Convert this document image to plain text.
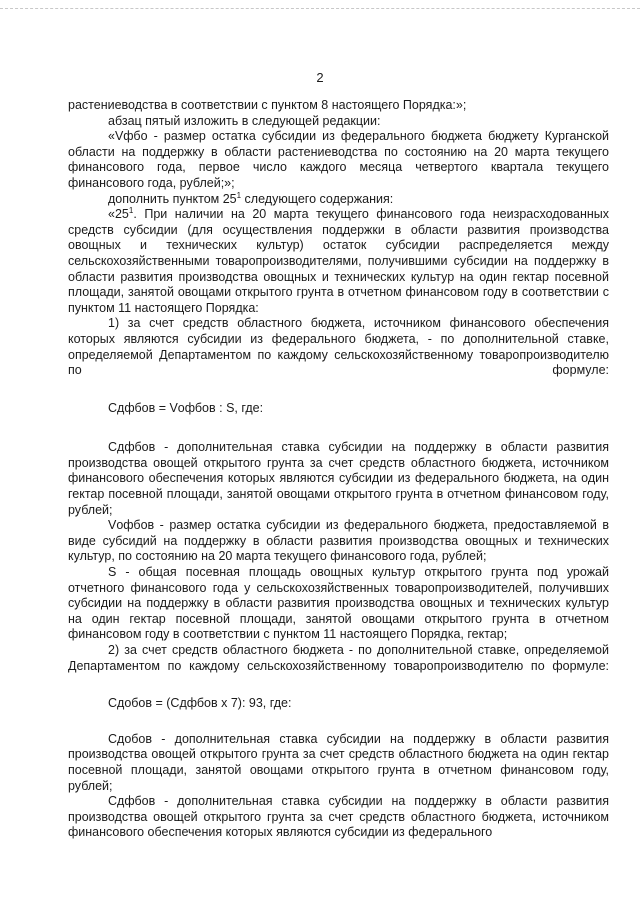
2

растениеводства в соответствии с пунктом 8 настоящего Порядка:»;

абзац пятый изложить в следующей редакции:

«Vфбо - размер остатка субсидии из федерального бюджета бюджету Курганской области на поддержку в области растениеводства по состоянию на 20 марта текущего финансового года, первое число каждого месяца четвертого квартала текущего финансового года, рублей;»;

дополнить пунктом $25^1$ следующего содержания:

«$25^1$. При наличии на 20 марта текущего финансового года неизрасходованных средств субсидии (для осуществления поддержки в области развития производства овощных и технических культур) остаток субсидии распределяется между сельскохозяйственными товаропроизводителями, получившими субсидии на поддержку в области развития производства овощных и технических культур на один гектар посевной площади, занятой овощами открытого грунта в отчетном финансовом году в соответствии с пунктом 11 настоящего Порядка:

1) за счет средств областного бюджета, источником финансового обеспечения которых являются субсидии из федерального бюджета, - по дополнительной ставке, определяемой Департаментом по каждому сельскохозяйственному товаропроизводителю по формуле:

Сдфбов = Vофбов : S, где:

Сдфбов - дополнительная ставка субсидии на поддержку в области развития производства овощей открытого грунта за счет средств областного бюджета, источником финансового обеспечения которых являются субсидии из федерального бюджета, на один гектар посевной площади, занятой овощами открытого грунта в отчетном финансовом году, рублей;

Vофбов - размер остатка субсидии из федерального бюджета, предоставляемой в виде субсидий на поддержку в области развития производства овощных и технических культур, по состоянию на 20 марта текущего финансового года, рублей;

S - общая посевная площадь овощных культур открытого грунта под урожай отчетного финансового года у сельскохозяйственных товаропроизводителей, получивших субсидии на поддержку в области развития производства овощных и технических культур на один гектар посевной площади, занятой овощами открытого грунта в отчетном финансовом году в соответствии с пунктом 11 настоящего Порядка, гектар;

2) за счет средств областного бюджета - по дополнительной ставке, определяемой Департаментом по каждому сельскохозяйственному товаропроизводителю по формуле:

Сдобов = (Сдфбов х 7): 93, где:

Сдобов - дополнительная ставка субсидии на поддержку в области развития производства овощей открытого грунта за счет средств областного бюджета на один гектар посевной площади, занятой овощами открытого грунта в отчетном финансовом году, рублей;

Сдфбов - дополнительная ставка субсидии на поддержку в области развития производства овощей открытого грунта за счет средств областного бюджета, источником финансового обеспечения которых являются субсидии из федерального
